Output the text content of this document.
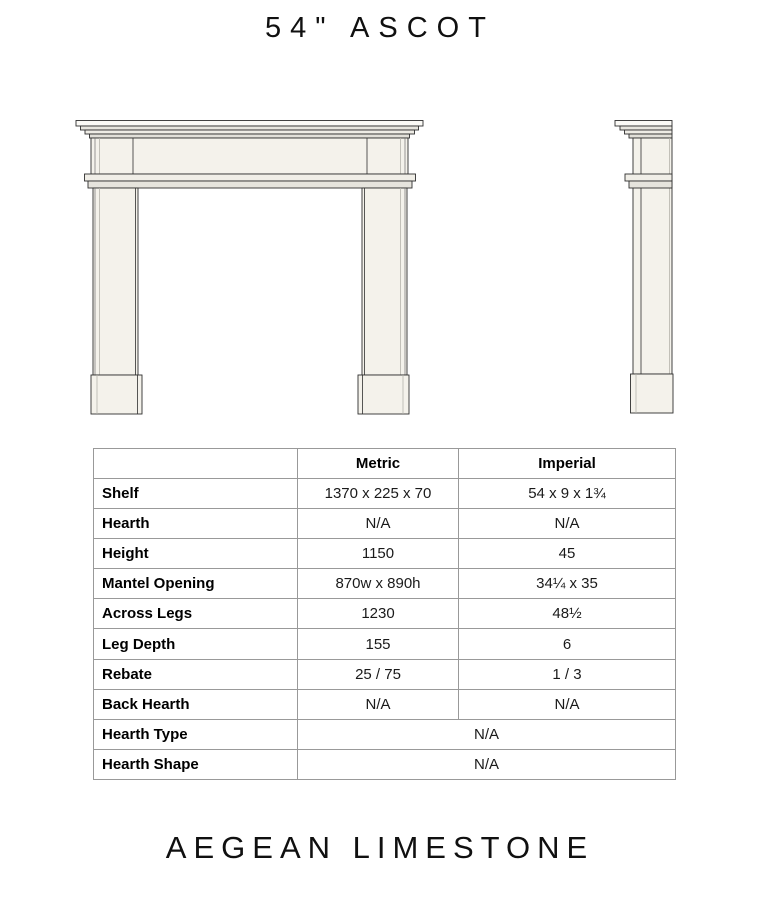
54" ASCOT
	Metric	Imperial
Shelf	1370 x 225 x 70	54 x 9 x 1¾
Hearth	N/A	N/A
Height	1150	45
Mantel Opening	870w x 890h	34¼ x 35
Across Legs	1230	48½
Leg Depth	155	6
Rebate	25 / 75	1 / 3
Back Hearth	N/A	N/A
Hearth Type	N/A	
Hearth Shape	N/A	
AEGEAN LIMESTONE
